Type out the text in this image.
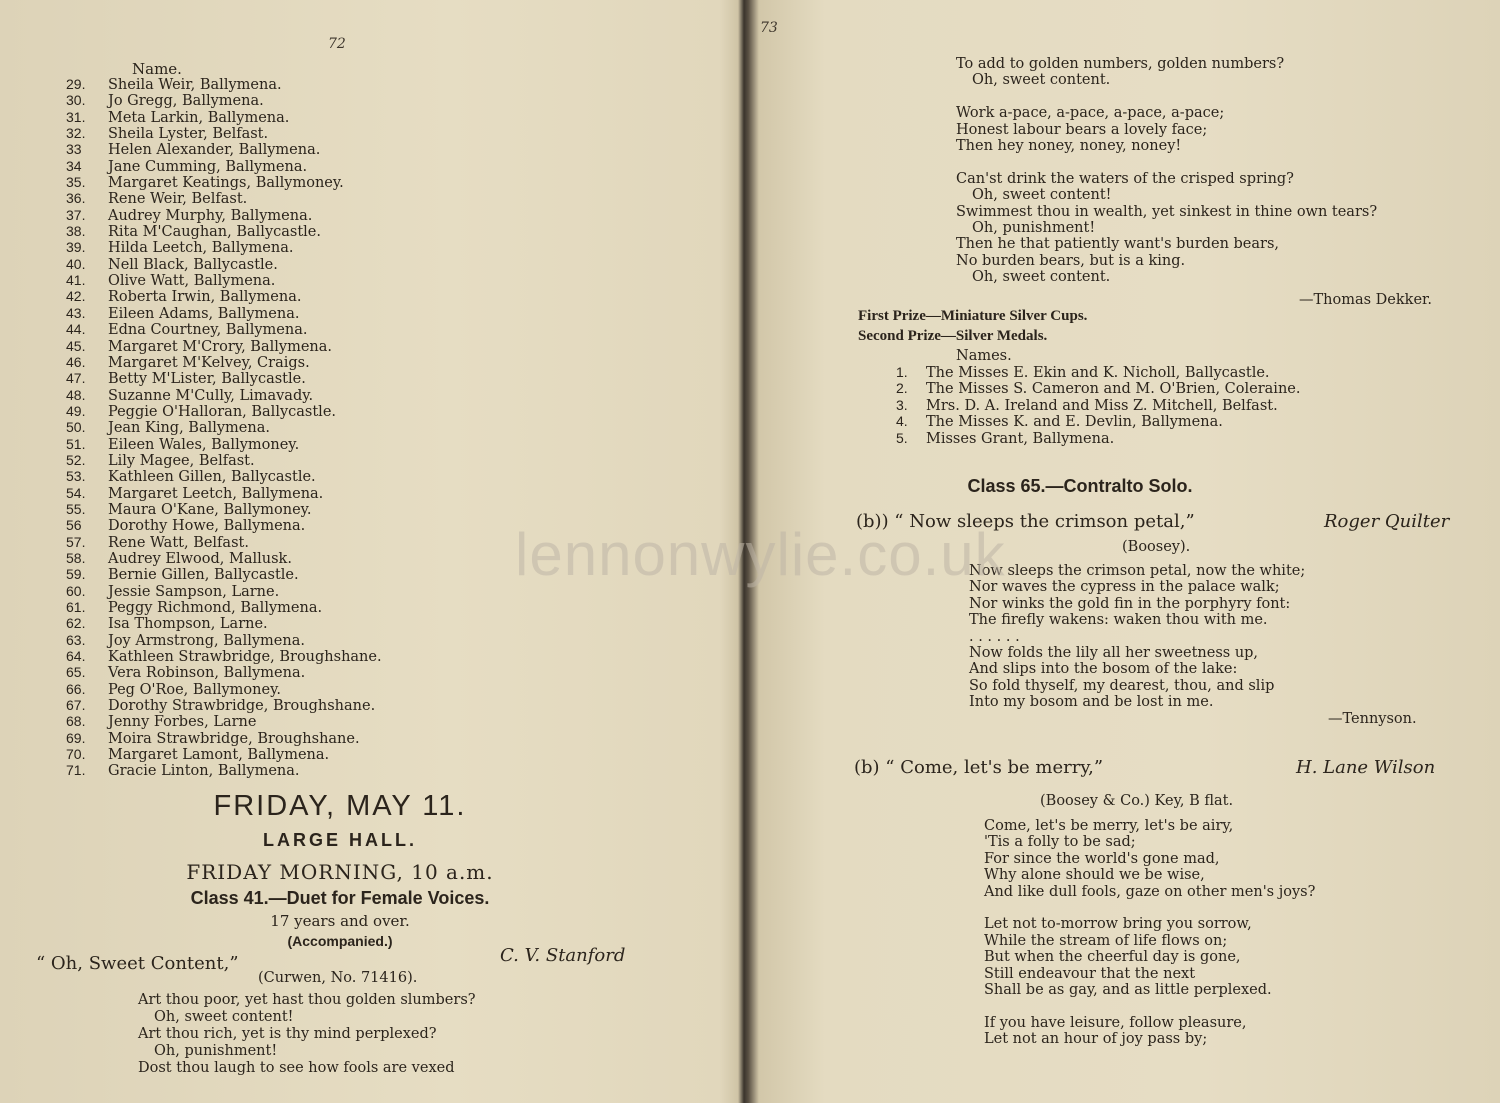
72
Name.
29. Sheila Weir, Ballymena.
30. Jo Gregg, Ballymena.
31. Meta Larkin, Ballymena.
32. Sheila Lyster, Belfast.
33 Helen Alexander, Ballymena.
34 Jane Cumming, Ballymena.
35. Margaret Keatings, Ballymoney.
36. Rene Weir, Belfast.
37. Audrey Murphy, Ballymena.
38. Rita M'Caughan, Ballycastle.
39. Hilda Leetch, Ballymena.
40. Nell Black, Ballycastle.
41. Olive Watt, Ballymena.
42. Roberta Irwin, Ballymena.
43. Eileen Adams, Ballymena.
44. Edna Courtney, Ballymena.
45. Margaret M'Crory, Ballymena.
46. Margaret M'Kelvey, Craigs.
47. Betty M'Lister, Ballycastle.
48. Suzanne M'Cully, Limavady.
49. Peggie O'Halloran, Ballycastle.
50. Jean King, Ballymena.
51. Eileen Wales, Ballymoney.
52. Lily Magee, Belfast.
53. Kathleen Gillen, Ballycastle.
54. Margaret Leetch, Ballymena.
55. Maura O'Kane, Ballymoney.
56 Dorothy Howe, Ballymena.
57. Rene Watt, Belfast.
58. Audrey Elwood, Mallusk.
59. Bernie Gillen, Ballycastle.
60. Jessie Sampson, Larne.
61. Peggy Richmond, Ballymena.
62. Isa Thompson, Larne.
63. Joy Armstrong, Ballymena.
64. Kathleen Strawbridge, Broughshane.
65. Vera Robinson, Ballymena.
66. Peg O'Roe, Ballymoney.
67. Dorothy Strawbridge, Broughshane.
68. Jenny Forbes, Larne
69. Moira Strawbridge, Broughshane.
70. Margaret Lamont, Ballymena.
71. Gracie Linton, Ballymena.
FRIDAY, MAY 11.
LARGE HALL.
FRIDAY MORNING, 10 a.m.
Class 41.—Duet for Female Voices.
17 years and over.
(Accompanied.)
“ Oh, Sweet Content,”	C. V. Stanford
(Curwen, No. 71416).
Art thou poor, yet hast thou golden slumbers?
Oh, sweet content!
Art thou rich, yet is thy mind perplexed?
Oh, punishment!
Dost thou laugh to see how fools are vexed
73
To add to golden numbers, golden numbers?
Oh, sweet content.
Work a-pace, a-pace, a-pace, a-pace;
Honest labour bears a lovely face;
Then hey noney, noney, noney!
Can'st drink the waters of the crisped spring?
Oh, sweet content!
Swimmest thou in wealth, yet sinkest in thine own tears?
Oh, punishment!
Then he that patiently want's burden bears,
No burden bears, but is a king.
Oh, sweet content.
—Thomas Dekker.
First Prize—Miniature Silver Cups.
Second Prize—Silver Medals.
Names.
1. The Misses E. Ekin and K. Nicholl, Ballycastle.
2. The Misses S. Cameron and M. O'Brien, Coleraine.
3. Mrs. D. A. Ireland and Miss Z. Mitchell, Belfast.
4. The Misses K. and E. Devlin, Ballymena.
5. Misses Grant, Ballymena.
Class 65.—Contralto Solo.
(b)) “ Now sleeps the crimson petal,”	Roger Quilter
(Boosey).
Now sleeps the crimson petal, now the white;
Nor waves the cypress in the palace walk;
Nor winks the gold fin in the porphyry font:
The firefly wakens: waken thou with me.
. . . . . .
Now folds the lily all her sweetness up,
And slips into the bosom of the lake:
So fold thyself, my dearest, thou, and slip
Into my bosom and be lost in me.
—Tennyson.
(b) “ Come, let's be merry,”	H. Lane Wilson
(Boosey & Co.) Key, B flat.
Come, let's be merry, let's be airy,
'Tis a folly to be sad;
For since the world's gone mad,
Why alone should we be wise,
And like dull fools, gaze on other men's joys?
Let not to-morrow bring you sorrow,
While the stream of life flows on;
But when the cheerful day is gone,
Still endeavour that the next
Shall be as gay, and as little perplexed.
If you have leisure, follow pleasure,
Let not an hour of joy pass by;
lennonwylie.co.uk
